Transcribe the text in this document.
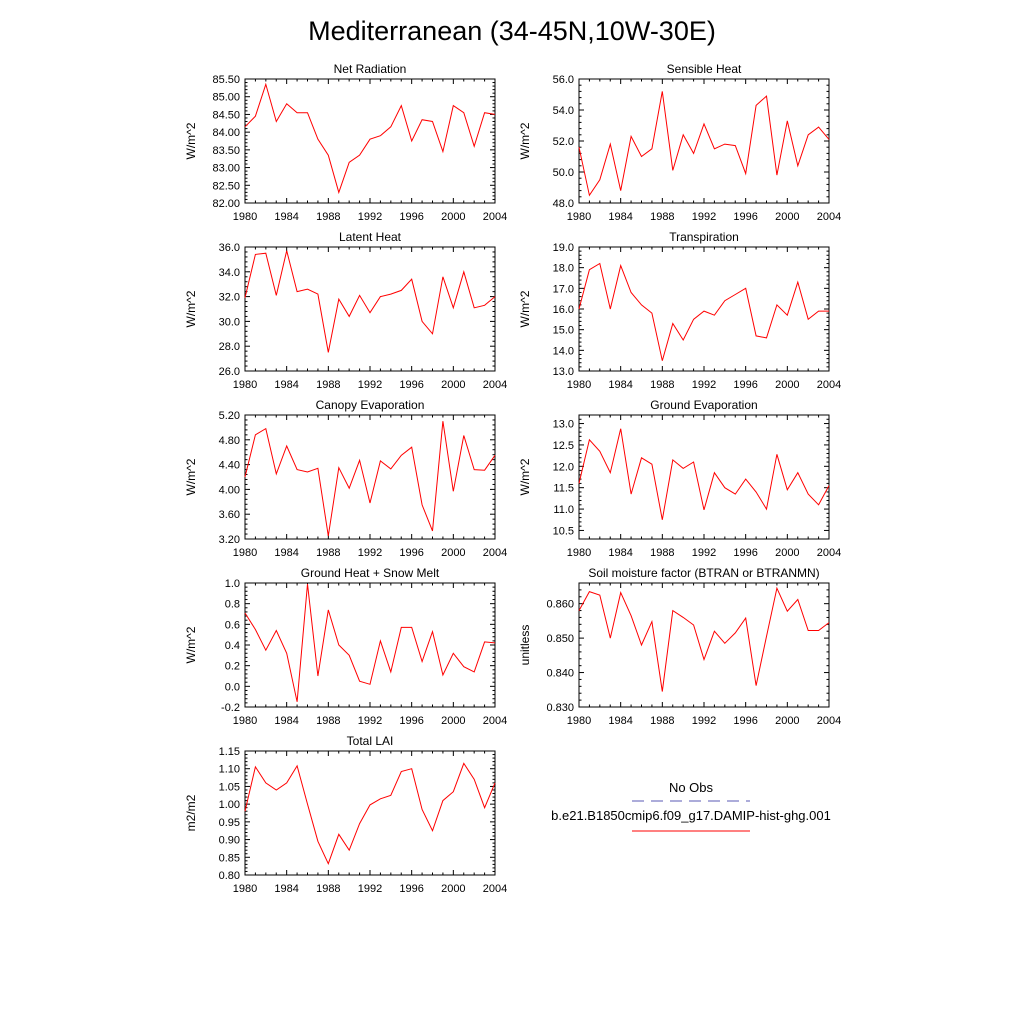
Mediterranean (34-45N,10W-30E)
Net Radiation
1980 1984 1988 1992 1996 2000 2004
82.00
82.50
83.00
83.50
84.00
84.50
85.00
85.50
W/m^2
Sensible Heat
1980 1984 1988 1992 1996 2000 2004
48.0
50.0
52.0
54.0
56.0
W/m^2
Latent Heat
1980 1984 1988 1992 1996 2000 2004
26.0
28.0
30.0
32.0
34.0
36.0
W/m^2
Transpiration
1980 1984 1988 1992 1996 2000 2004
13.0
14.0
15.0
16.0
17.0
18.0
19.0
W/m^2
Canopy Evaporation
1980 1984 1988 1992 1996 2000 2004
3.20
3.60
4.00
4.40
4.80
5.20
W/m^2
Ground Evaporation
1980 1984 1988 1992 1996 2000 2004
10.5
11.0
11.5
12.0
12.5
13.0
W/m^2
Ground Heat + Snow Melt
1980 1984 1988 1992 1996 2000 2004
-0.2
0.0
0.2
0.4
0.6
0.8
1.0
W/m^2
Soil moisture factor (BTRAN or BTRANMN)
1980 1984 1988 1992 1996 2000 2004
0.830
0.840
0.850
0.860
unitless
Total LAI
1980 1984 1988 1992 1996 2000 2004
0.80
0.85
0.90
0.95
1.00
1.05
1.10
1.15
m2/m2
No Obs
b.e21.B1850cmip6.f09_g17.DAMIP-hist-ghg.001
